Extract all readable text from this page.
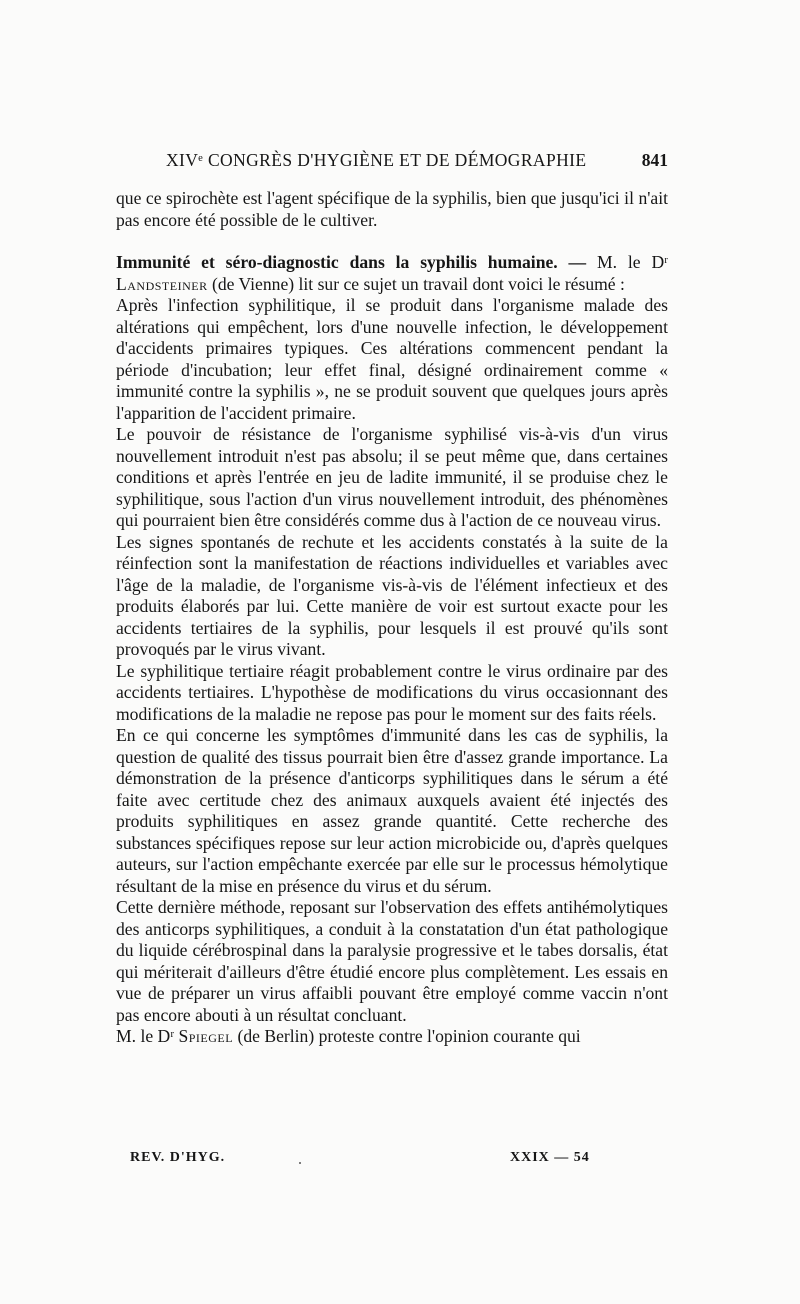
XIVᵉ CONGRÈS D'HYGIÈNE ET DE DÉMOGRAPHIE	841

que ce spirochète est l'agent spécifique de la syphilis, bien que jusqu'ici il n'ait pas encore été possible de le cultiver.

Immunité et séro-diagnostic dans la syphilis humaine. — M. le Dʳ Landsteiner (de Vienne) lit sur ce sujet un travail dont voici le résumé :

Après l'infection syphilitique, il se produit dans l'organisme malade des altérations qui empêchent, lors d'une nouvelle infection, le développement d'accidents primaires typiques. Ces altérations commencent pendant la période d'incubation; leur effet final, désigné ordinairement comme « immunité contre la syphilis », ne se produit souvent que quelques jours après l'apparition de l'accident primaire.

Le pouvoir de résistance de l'organisme syphilisé vis-à-vis d'un virus nouvellement introduit n'est pas absolu; il se peut même que, dans certaines conditions et après l'entrée en jeu de ladite immunité, il se produise chez le syphilitique, sous l'action d'un virus nouvellement introduit, des phénomènes qui pourraient bien être considérés comme dus à l'action de ce nouveau virus.

Les signes spontanés de rechute et les accidents constatés à la suite de la réinfection sont la manifestation de réactions individuelles et variables avec l'âge de la maladie, de l'organisme vis-à-vis de l'élément infectieux et des produits élaborés par lui. Cette manière de voir est surtout exacte pour les accidents tertiaires de la syphilis, pour lesquels il est prouvé qu'ils sont provoqués par le virus vivant.

Le syphilitique tertiaire réagit probablement contre le virus ordinaire par des accidents tertiaires. L'hypothèse de modifications du virus occasionnant des modifications de la maladie ne repose pas pour le moment sur des faits réels.

En ce qui concerne les symptômes d'immunité dans les cas de syphilis, la question de qualité des tissus pourrait bien être d'assez grande importance. La démonstration de la présence d'anticorps syphilitiques dans le sérum a été faite avec certitude chez des animaux auxquels avaient été injectés des produits syphilitiques en assez grande quantité. Cette recherche des substances spécifiques repose sur leur action microbicide ou, d'après quelques auteurs, sur l'action empêchante exercée par elle sur le processus hémolytique résultant de la mise en présence du virus et du sérum.

Cette dernière méthode, reposant sur l'observation des effets antihémolytiques des anticorps syphilitiques, a conduit à la constatation d'un état pathologique du liquide cérébrospinal dans la paralysie progressive et le tabes dorsalis, état qui mériterait d'ailleurs d'être étudié encore plus complètement. Les essais en vue de préparer un virus affaibli pouvant être employé comme vaccin n'ont pas encore abouti à un résultat concluant.

M. le Dʳ Spiegel (de Berlin) proteste contre l'opinion courante qui

REV. D'HYG.	XXIX — 54
